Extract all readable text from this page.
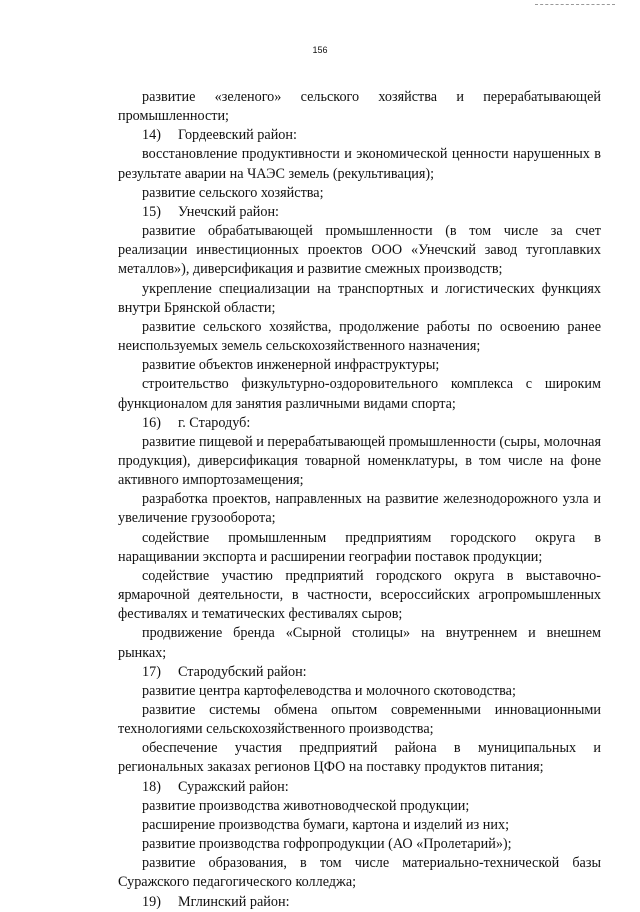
156

развитие «зеленого» сельского хозяйства и перерабатывающей промышленности;

14) Гордеевский район:

восстановление продуктивности и экономической ценности нарушенных в результате аварии на ЧАЭС земель (рекультивация);

развитие сельского хозяйства;

15) Унечский район:

развитие обрабатывающей промышленности (в том числе за счет реализации инвестиционных проектов ООО «Унечский завод тугоплавких металлов»), диверсификация и развитие смежных производств;

укрепление специализации на транспортных и логистических функциях внутри Брянской области;

развитие сельского хозяйства, продолжение работы по освоению ранее неиспользуемых земель сельскохозяйственного назначения;

развитие объектов инженерной инфраструктуры;

строительство физкультурно-оздоровительного комплекса с широким функционалом для занятия различными видами спорта;

16) г. Стародуб:

развитие пищевой и перерабатывающей промышленности (сыры, молочная продукция), диверсификация товарной номенклатуры, в том числе на фоне активного импортозамещения;

разработка проектов, направленных на развитие железнодорожного узла и увеличение грузооборота;

содействие промышленным предприятиям городского округа в наращивании экспорта и расширении географии поставок продукции;

содействие участию предприятий городского округа в выставочно-ярмарочной деятельности, в частности, всероссийских агропромышленных фестивалях и тематических фестивалях сыров;

продвижение бренда «Сырной столицы» на внутреннем и внешнем рынках;

17) Стародубский район:

развитие центра картофелеводства и молочного скотоводства;

развитие системы обмена опытом современными инновационными технологиями сельскохозяйственного производства;

обеспечение участия предприятий района в муниципальных и региональных заказах регионов ЦФО на поставку продуктов питания;

18) Суражский район:

развитие производства животноводческой продукции;

расширение производства бумаги, картона и изделий из них;

развитие производства гофропродукции (АО «Пролетарий»);

развитие образования, в том числе материально-технической базы Суражского педагогического колледжа;

19) Мглинский район:
